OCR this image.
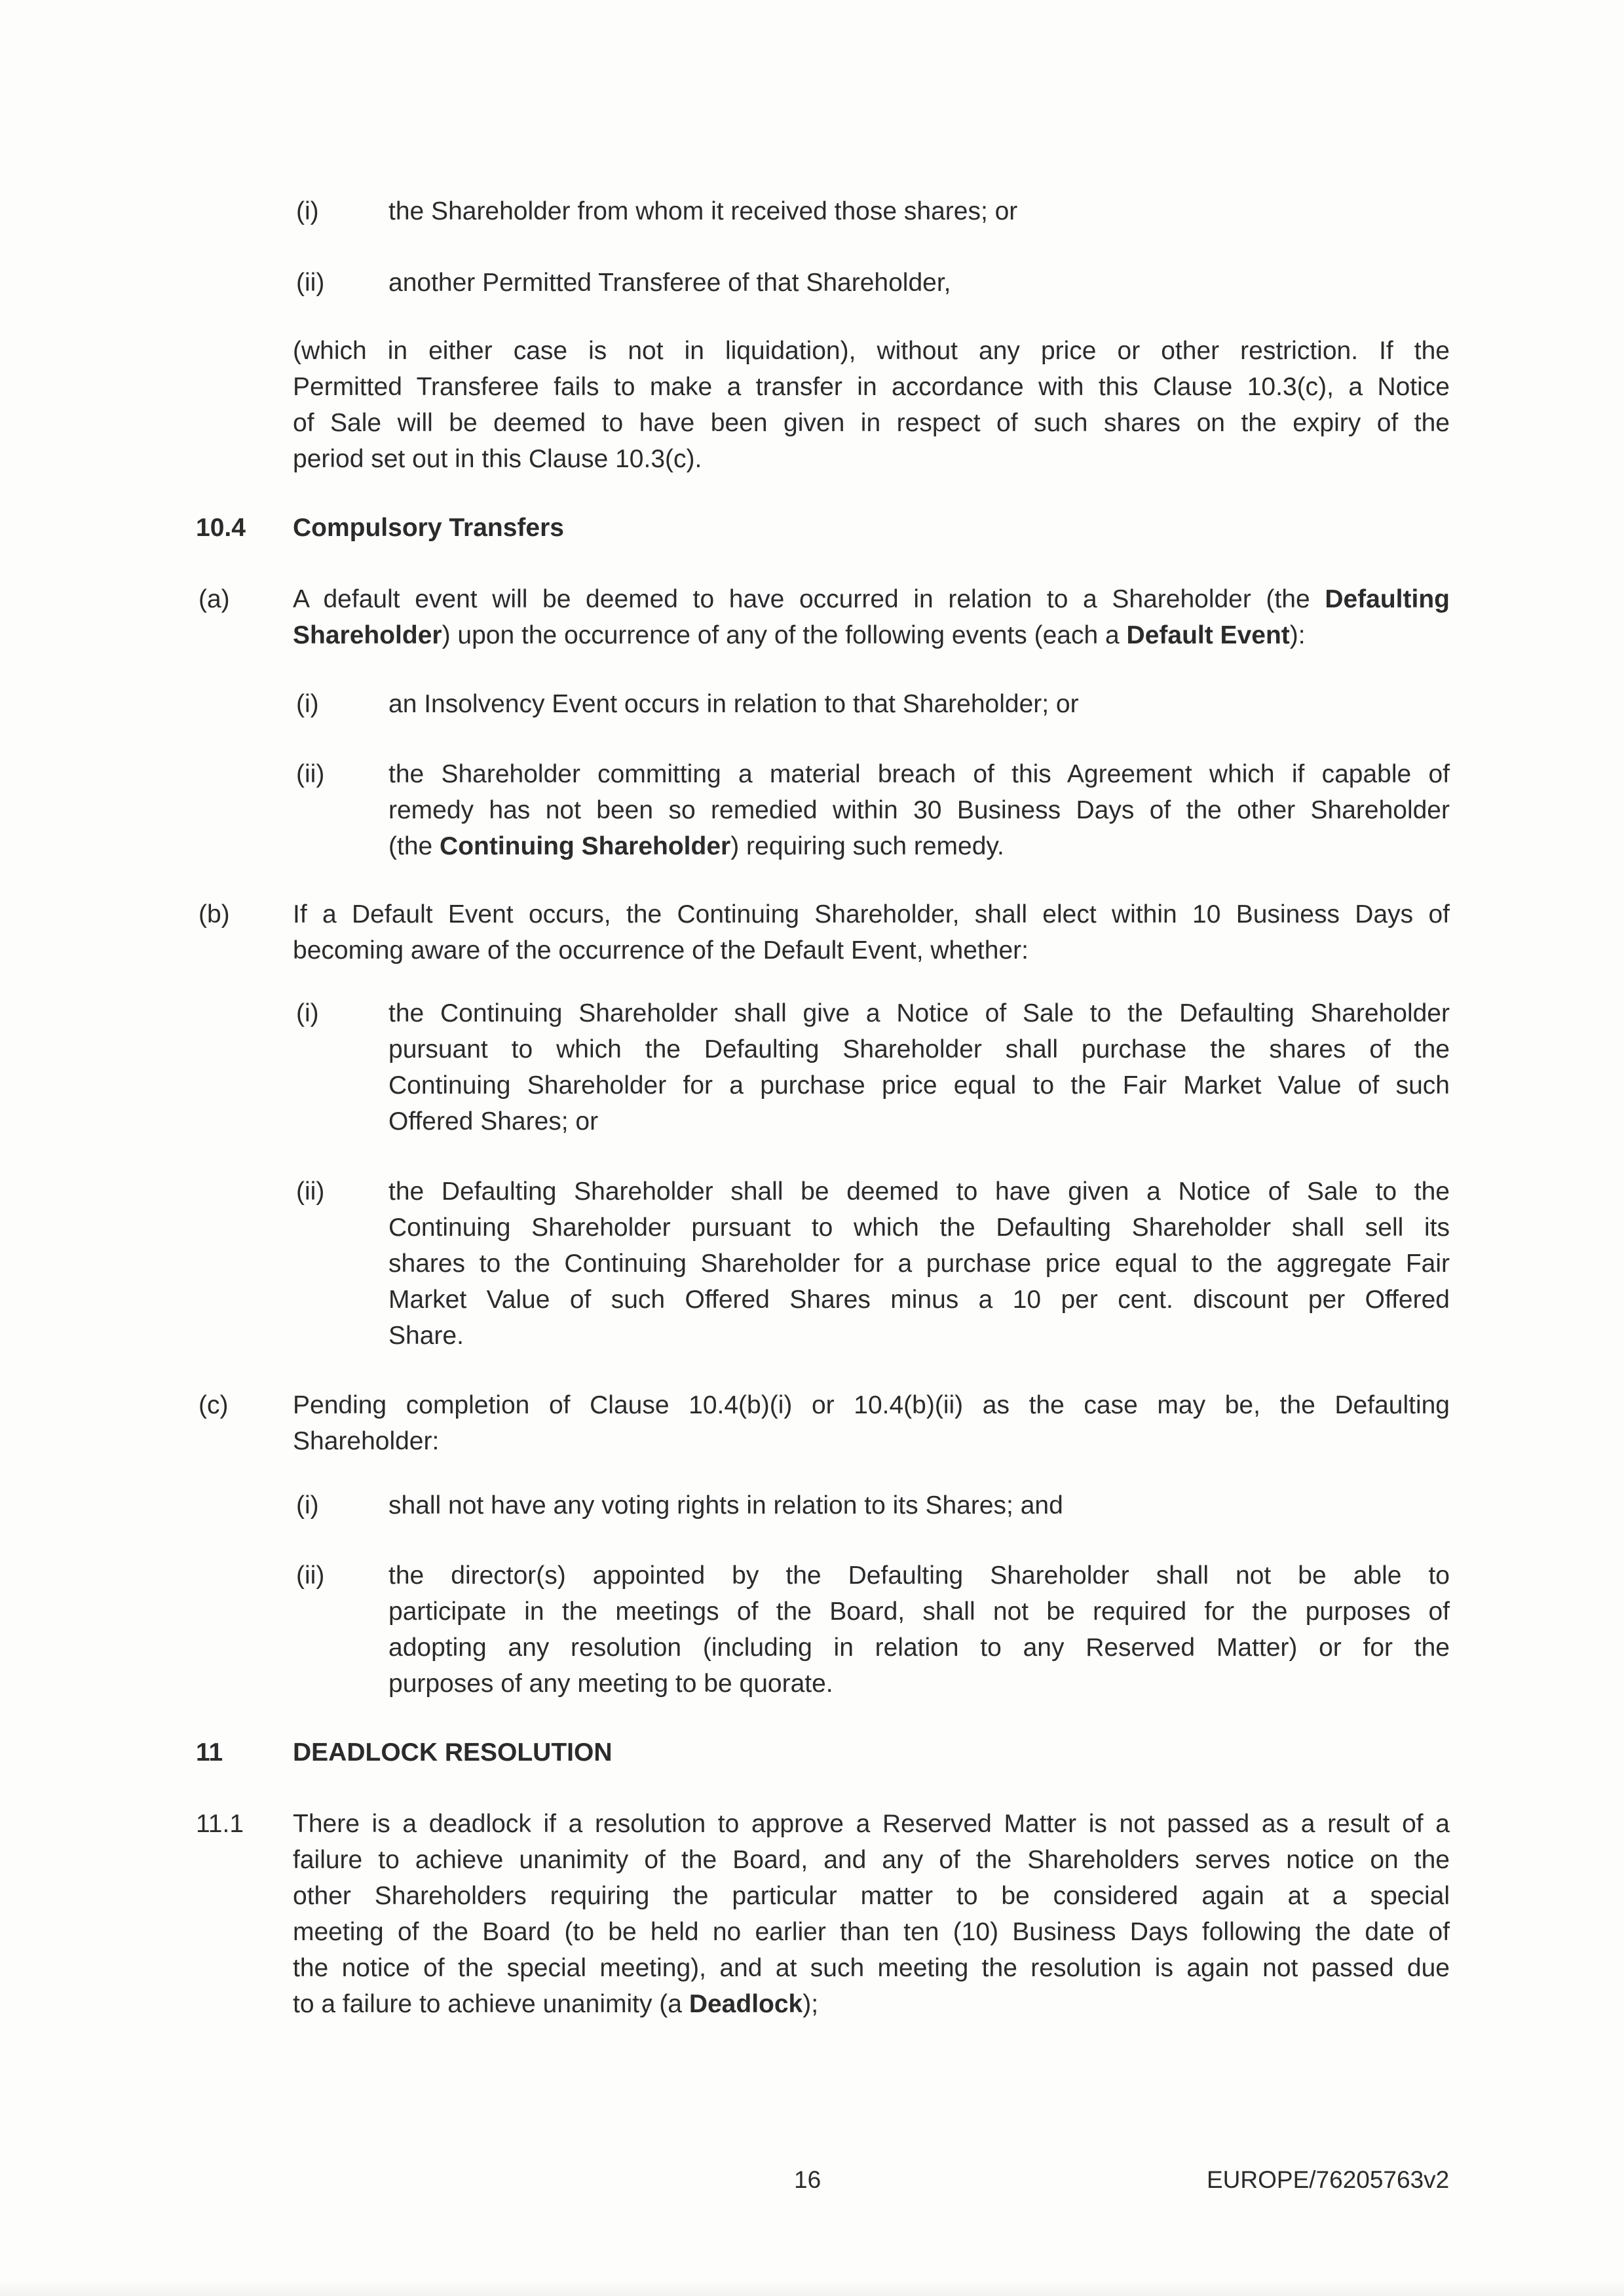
(i)	the Shareholder from whom it received those shares; or
(ii)	another Permitted Transferee of that Shareholder,
(which in either case is not in liquidation), without any price or other restriction. If the
Permitted Transferee fails to make a transfer in accordance with this Clause 10.3(c), a Notice
of Sale will be deemed to have been given in respect of such shares on the expiry of the
period set out in this Clause 10.3(c).
10.4 Compulsory Transfers
(a) A default event will be deemed to have occurred in relation to a Shareholder (the Defaulting
Shareholder) upon the occurrence of any of the following events (each a Default Event):
(i)	an Insolvency Event occurs in relation to that Shareholder; or
(ii)	the Shareholder committing a material breach of this Agreement which if capable of
remedy has not been so remedied within 30 Business Days of the other Shareholder
(the Continuing Shareholder) requiring such remedy.
(b) If a Default Event occurs, the Continuing Shareholder, shall elect within 10 Business Days of
becoming aware of the occurrence of the Default Event, whether:
(i)	the Continuing Shareholder shall give a Notice of Sale to the Defaulting Shareholder
pursuant to which the Defaulting Shareholder shall purchase the shares of the
Continuing Shareholder for a purchase price equal to the Fair Market Value of such
Offered Shares; or
(ii)	the Defaulting Shareholder shall be deemed to have given a Notice of Sale to the
Continuing Shareholder pursuant to which the Defaulting Shareholder shall sell its
shares to the Continuing Shareholder for a purchase price equal to the aggregate Fair
Market Value of such Offered Shares minus a 10 per cent. discount per Offered
Share.
(c)	Pending completion of Clause 10.4(b)(i) or 10.4(b)(ii) as the case may be, the Defaulting
Shareholder:
(i)	shall not have any voting rights in relation to its Shares; and
(ii)	the director(s) appointed by the Defaulting Shareholder shall not be able to
participate in the meetings of the Board, shall not be required for the purposes of
adopting any resolution (including in relation to any Reserved Matter) or for the
purposes of any meeting to be quorate.
11	DEADLOCK RESOLUTION
11.1 There is a deadlock if a resolution to approve a Reserved Matter is not passed as a result of a
failure to achieve unanimity of the Board, and any of the Shareholders serves notice on the
other Shareholders requiring the particular matter to be considered again at a special
meeting of the Board (to be held no earlier than ten (10) Business Days following the date of
the notice of the special meeting), and at such meeting the resolution is again not passed due
to a failure to achieve unanimity (a Deadlock);
16	EUROPE/76205763v2
